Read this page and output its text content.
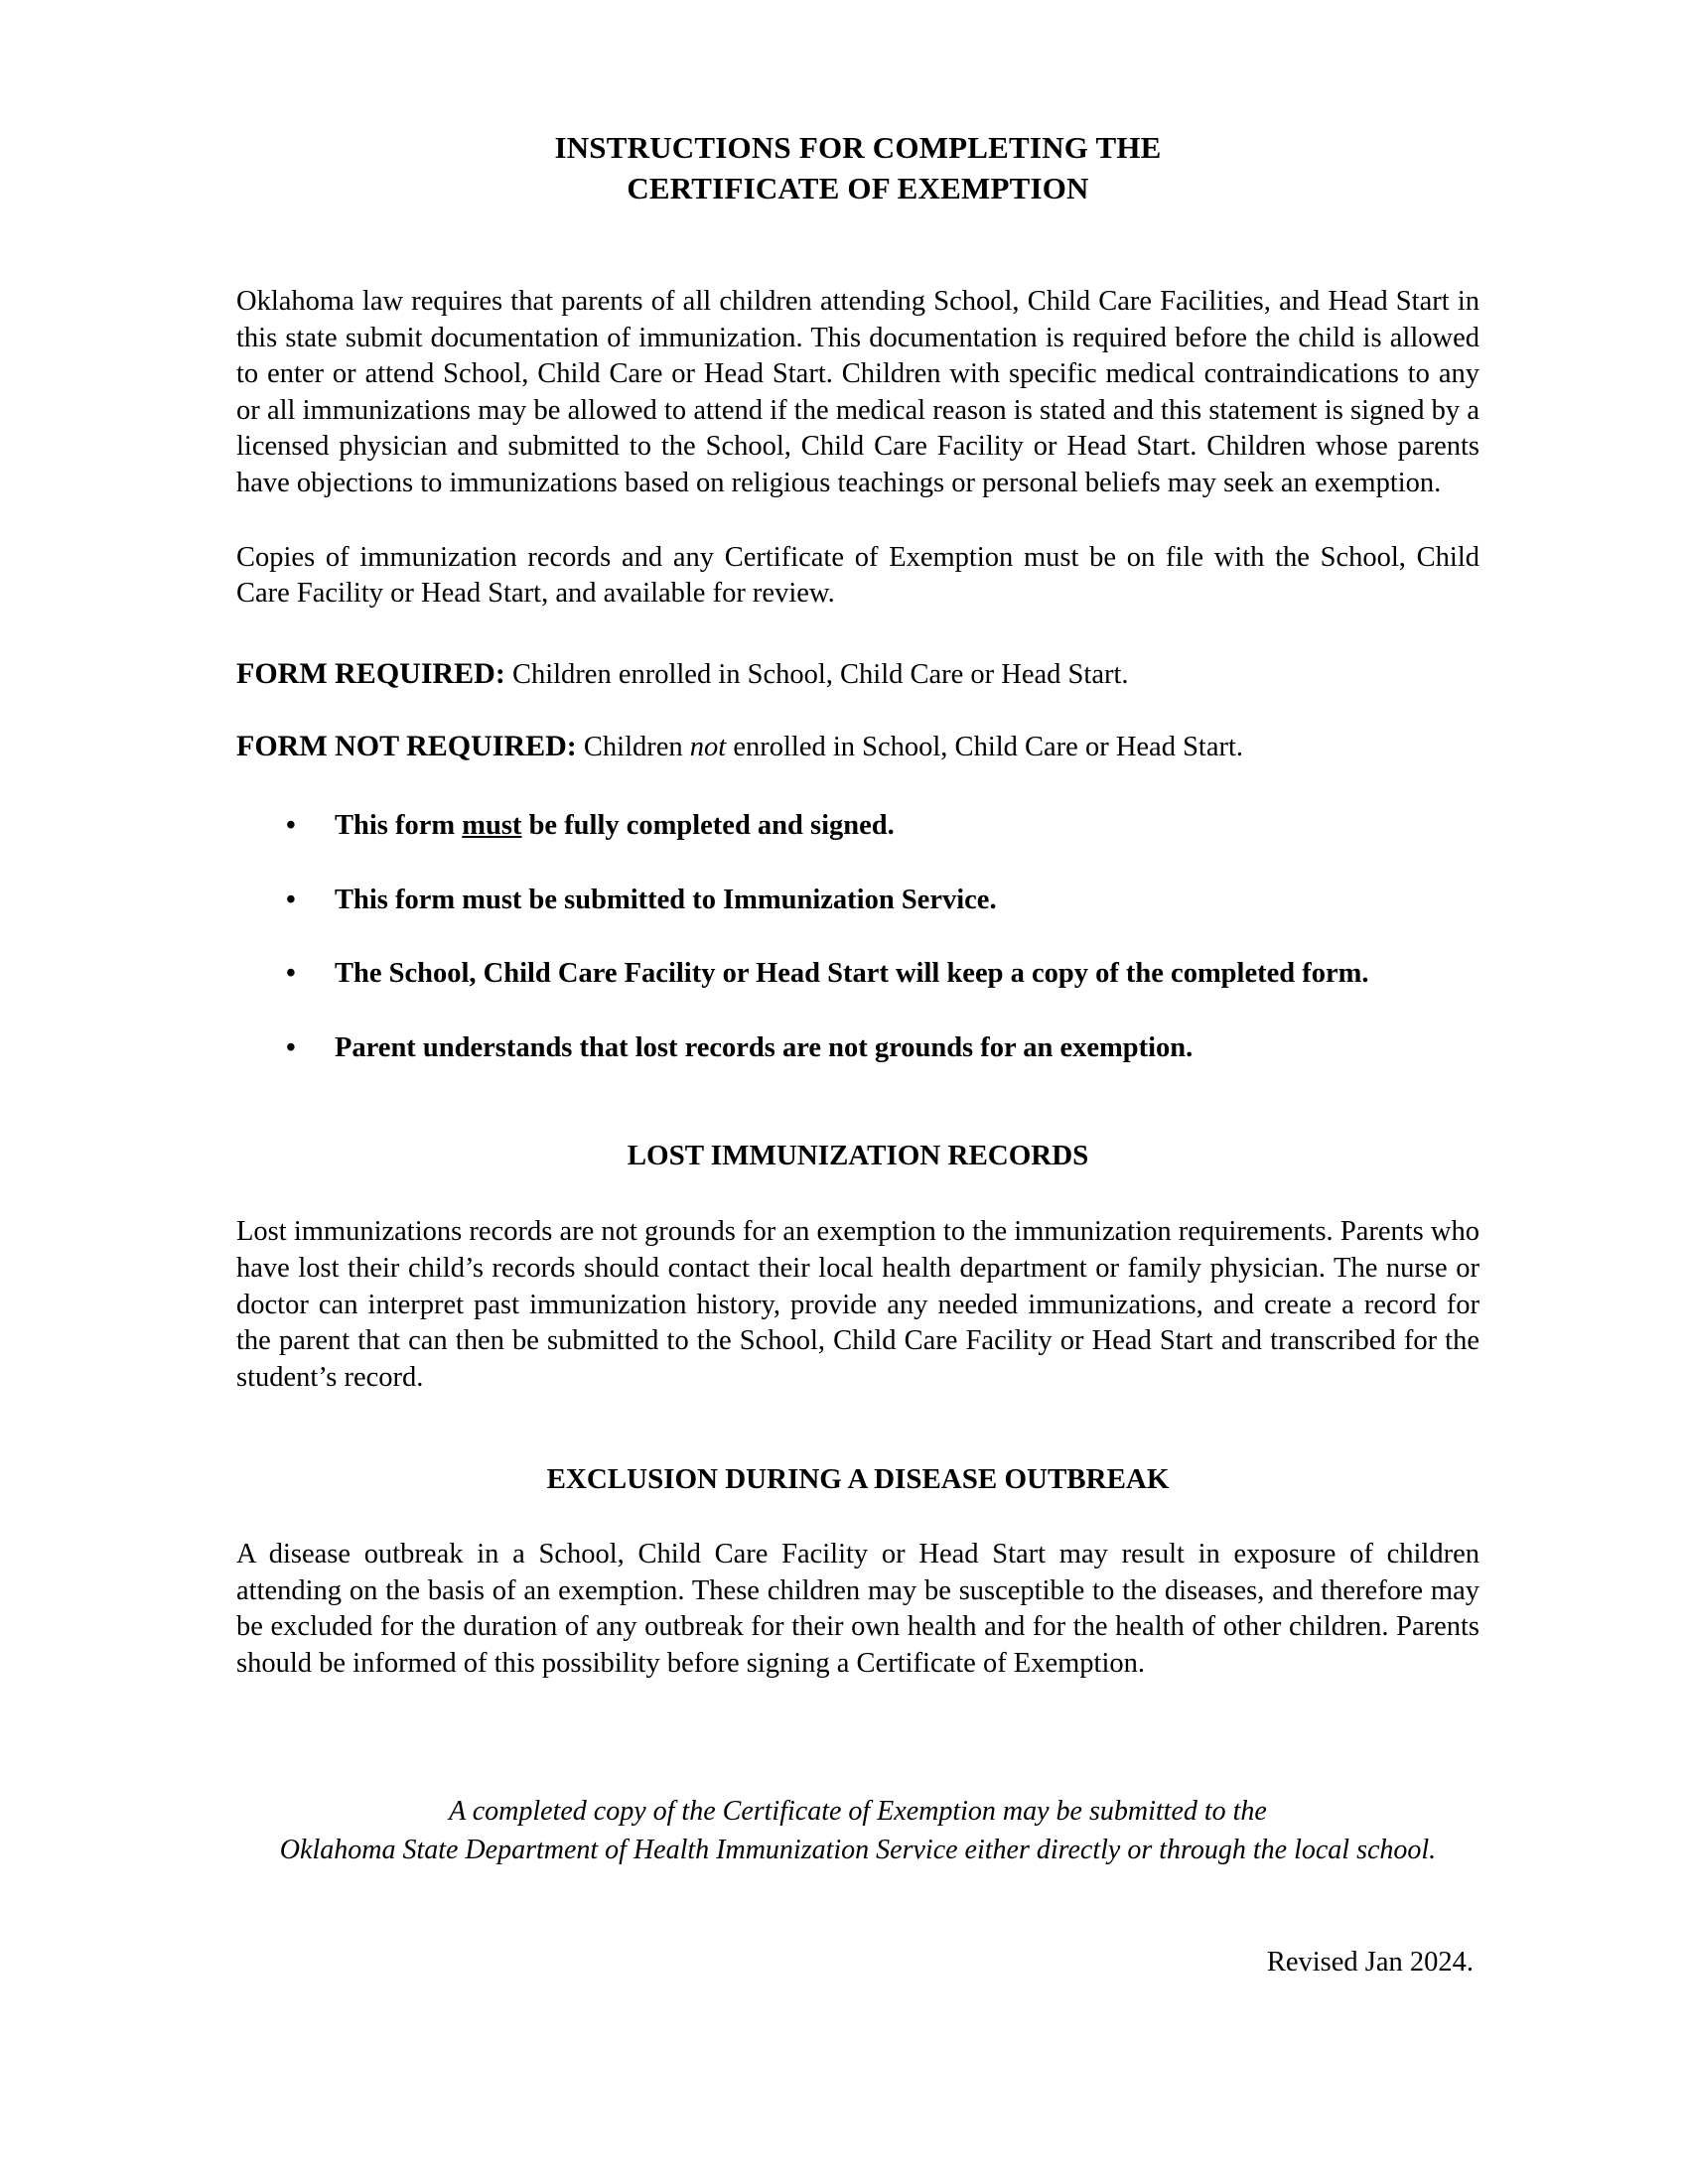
INSTRUCTIONS FOR COMPLETING THE
CERTIFICATE OF EXEMPTION

Oklahoma law requires that parents of all children attending School, Child Care Facilities, and Head Start in this state submit documentation of immunization. This documentation is required before the child is allowed to enter or attend School, Child Care or Head Start. Children with specific medical contraindications to any or all immunizations may be allowed to attend if the medical reason is stated and this statement is signed by a licensed physician and submitted to the School, Child Care Facility or Head Start. Children whose parents have objections to immunizations based on religious teachings or personal beliefs may seek an exemption.

Copies of immunization records and any Certificate of Exemption must be on file with the School, Child Care Facility or Head Start, and available for review.

FORM REQUIRED: Children enrolled in School, Child Care or Head Start.

FORM NOT REQUIRED: Children not enrolled in School, Child Care or Head Start.

• This form must be fully completed and signed.
• This form must be submitted to Immunization Service.
• The School, Child Care Facility or Head Start will keep a copy of the completed form.
• Parent understands that lost records are not grounds for an exemption.
LOST IMMUNIZATION RECORDS

Lost immunizations records are not grounds for an exemption to the immunization requirements. Parents who have lost their child’s records should contact their local health department or family physician. The nurse or doctor can interpret past immunization history, provide any needed immunizations, and create a record for the parent that can then be submitted to the School, Child Care Facility or Head Start and transcribed for the student’s record.

EXCLUSION DURING A DISEASE OUTBREAK

A disease outbreak in a School, Child Care Facility or Head Start may result in exposure of children attending on the basis of an exemption. These children may be susceptible to the diseases, and therefore may be excluded for the duration of any outbreak for their own health and for the health of other children. Parents should be informed of this possibility before signing a Certificate of Exemption.

A completed copy of the Certificate of Exemption may be submitted to the
Oklahoma State Department of Health Immunization Service either directly or through the local school.

Revised Jan 2024.
